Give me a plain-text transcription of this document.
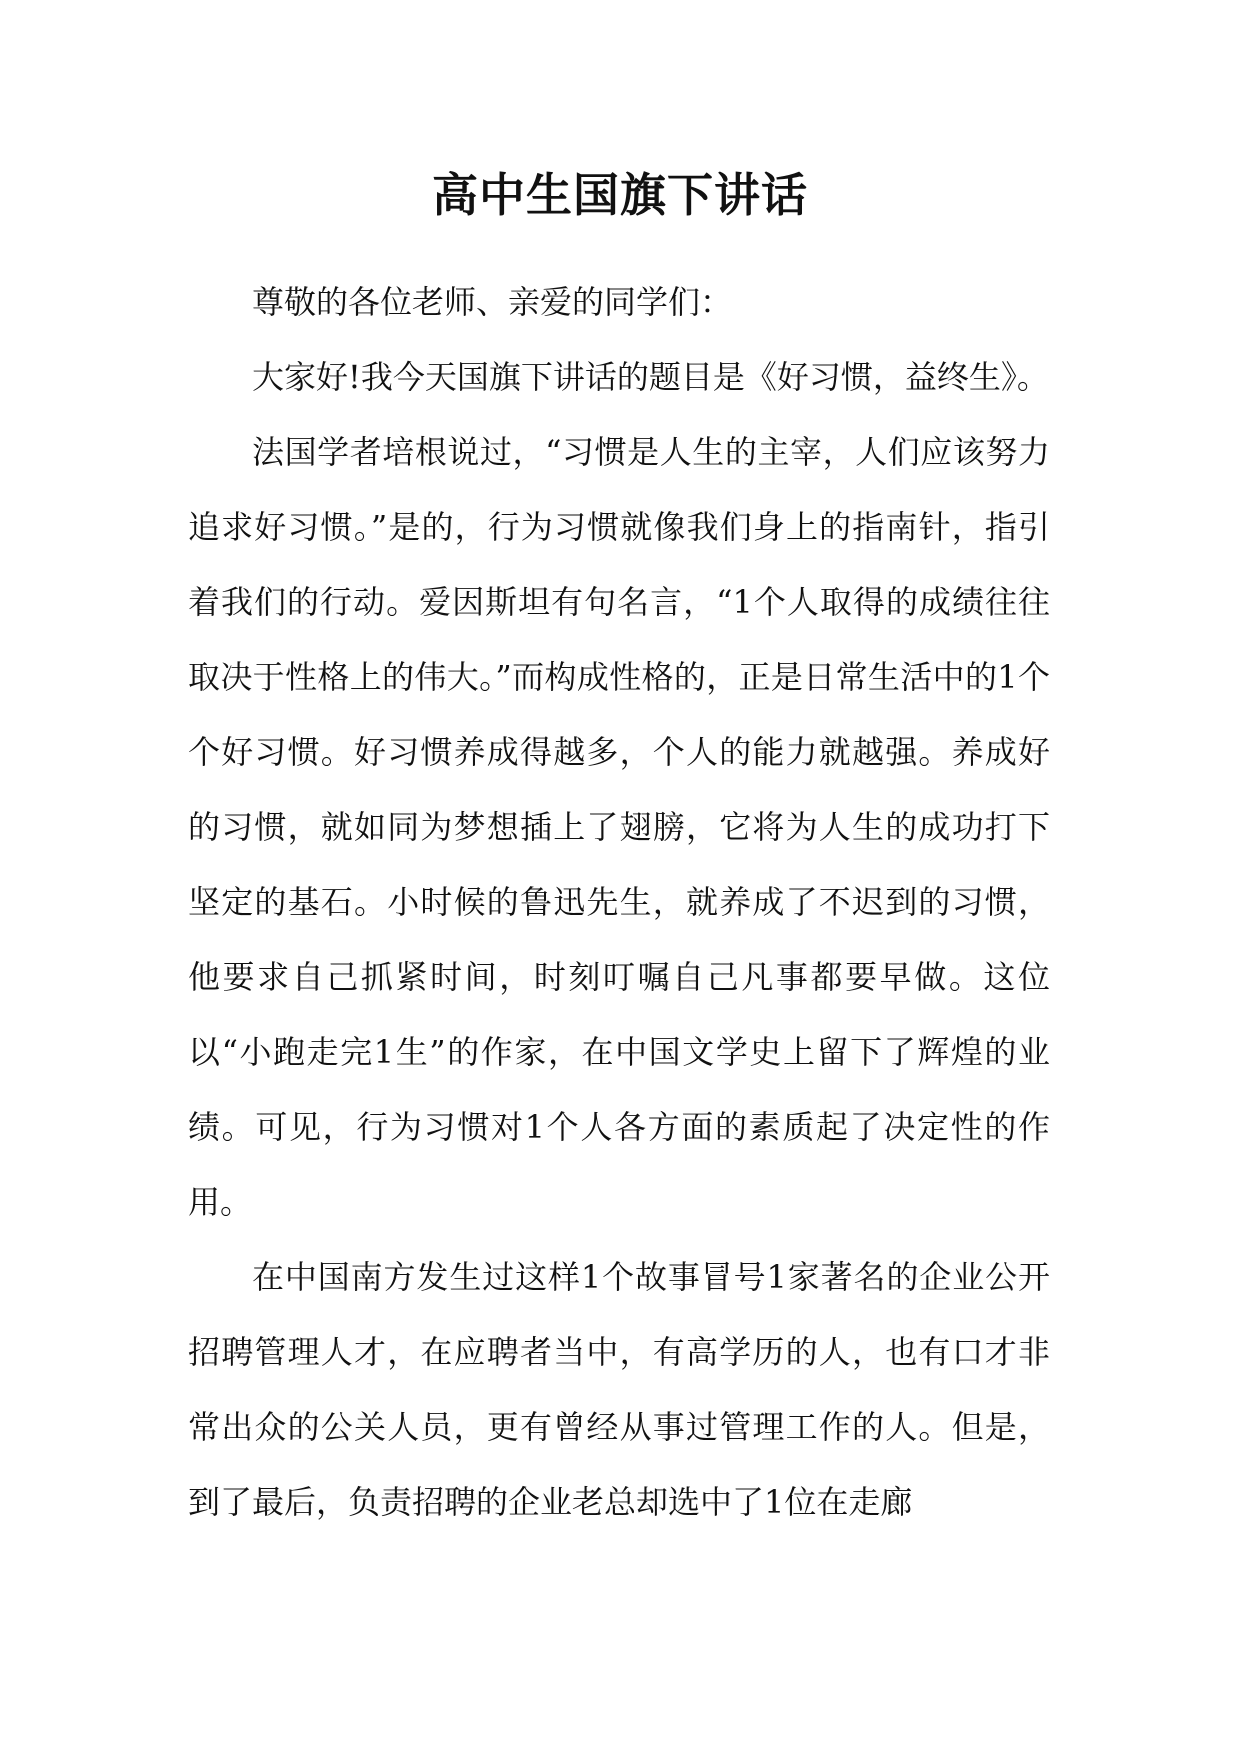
高中生国旗下讲话

尊敬的各位老师、亲爱的同学们：

大家好!我今天国旗下讲话的题目是《好习惯，益终生》。

法国学者培根说过，“习惯是人生的主宰，人们应该努力追求好习惯。”是的，行为习惯就像我们身上的指南针，指引着我们的行动。爱因斯坦有句名言，“1个人取得的成绩往往取决于性格上的伟大。”而构成性格的，正是日常生活中的1个个好习惯。好习惯养成得越多，个人的能力就越强。养成好的习惯，就如同为梦想插上了翅膀，它将为人生的成功打下坚定的基石。小时候的鲁迅先生，就养成了不迟到的习惯，他要求自己抓紧时间，时刻叮嘱自己凡事都要早做。这位以“小跑走完1生”的作家，在中国文学史上留下了辉煌的业绩。可见，行为习惯对1个人各方面的素质起了决定性的作用。

在中国南方发生过这样1个故事冒号1家著名的企业公开招聘管理人才，在应聘者当中，有高学历的人，也有口才非常出众的公关人员，更有曾经从事过管理工作的人。但是，到了最后，负责招聘的企业老总却选中了1位在走廊
